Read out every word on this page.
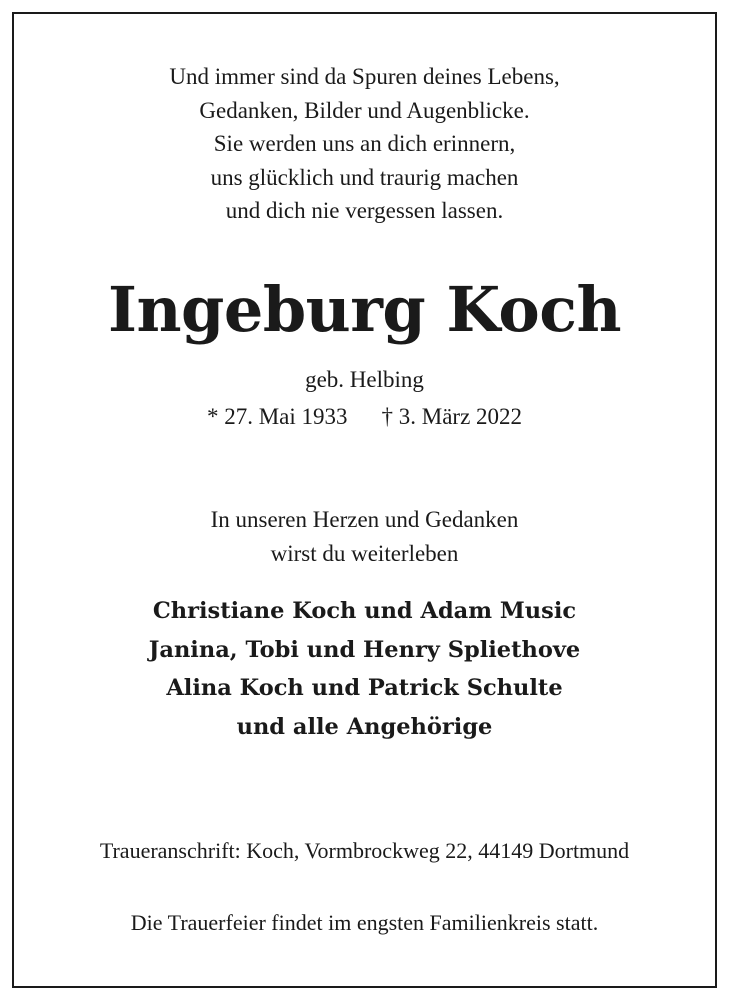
Und immer sind da Spuren deines Lebens,
Gedanken, Bilder und Augenblicke.
Sie werden uns an dich erinnern,
uns glücklich und traurig machen
und dich nie vergessen lassen.
Ingeburg Koch
geb. Helbing
* 27. Mai 1933 † 3. März 2022
In unseren Herzen und Gedanken
wirst du weiterleben
Christiane Koch und Adam Music
Janina, Tobi und Henry Spliethove
Alina Koch und Patrick Schulte
und alle Angehörige
Traueranschrift: Koch, Vormbrockweg 22, 44149 Dortmund
Die Trauerfeier findet im engsten Familienkreis statt.
